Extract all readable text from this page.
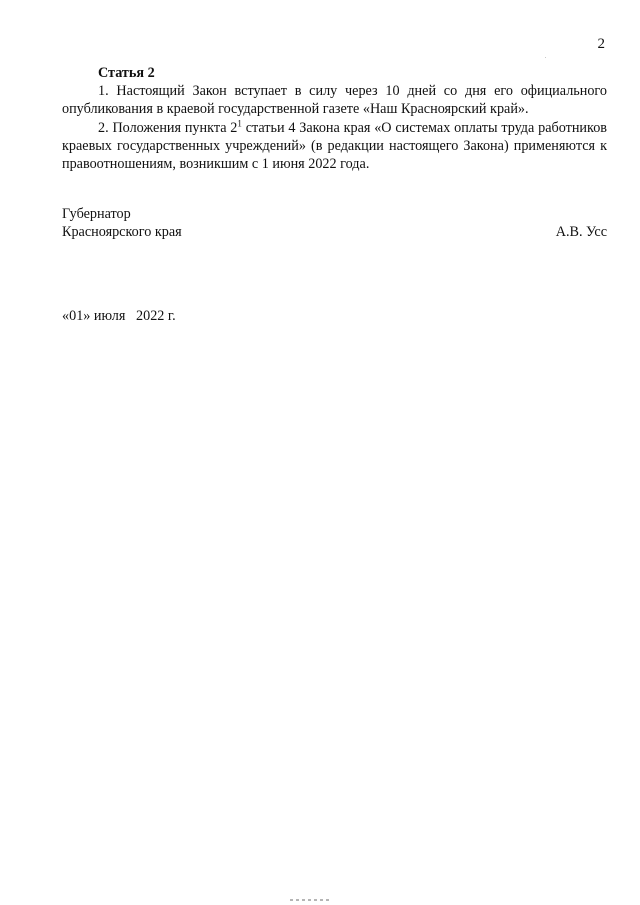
2
Статья 2

1. Настоящий Закон вступает в силу через 10 дней со дня его официального опубликования в краевой государственной газете «Наш Красноярский край».

2. Положения пункта $2^1$ статьи 4 Закона края «О системах оплаты труда работников краевых государственных учреждений» (в редакции настоящего Закона) применяются к правоотношениям, возникшим с 1 июня 2022 года.

Губернатор
Красноярского края	А.В. Усс
«01» июля   2022 г.
